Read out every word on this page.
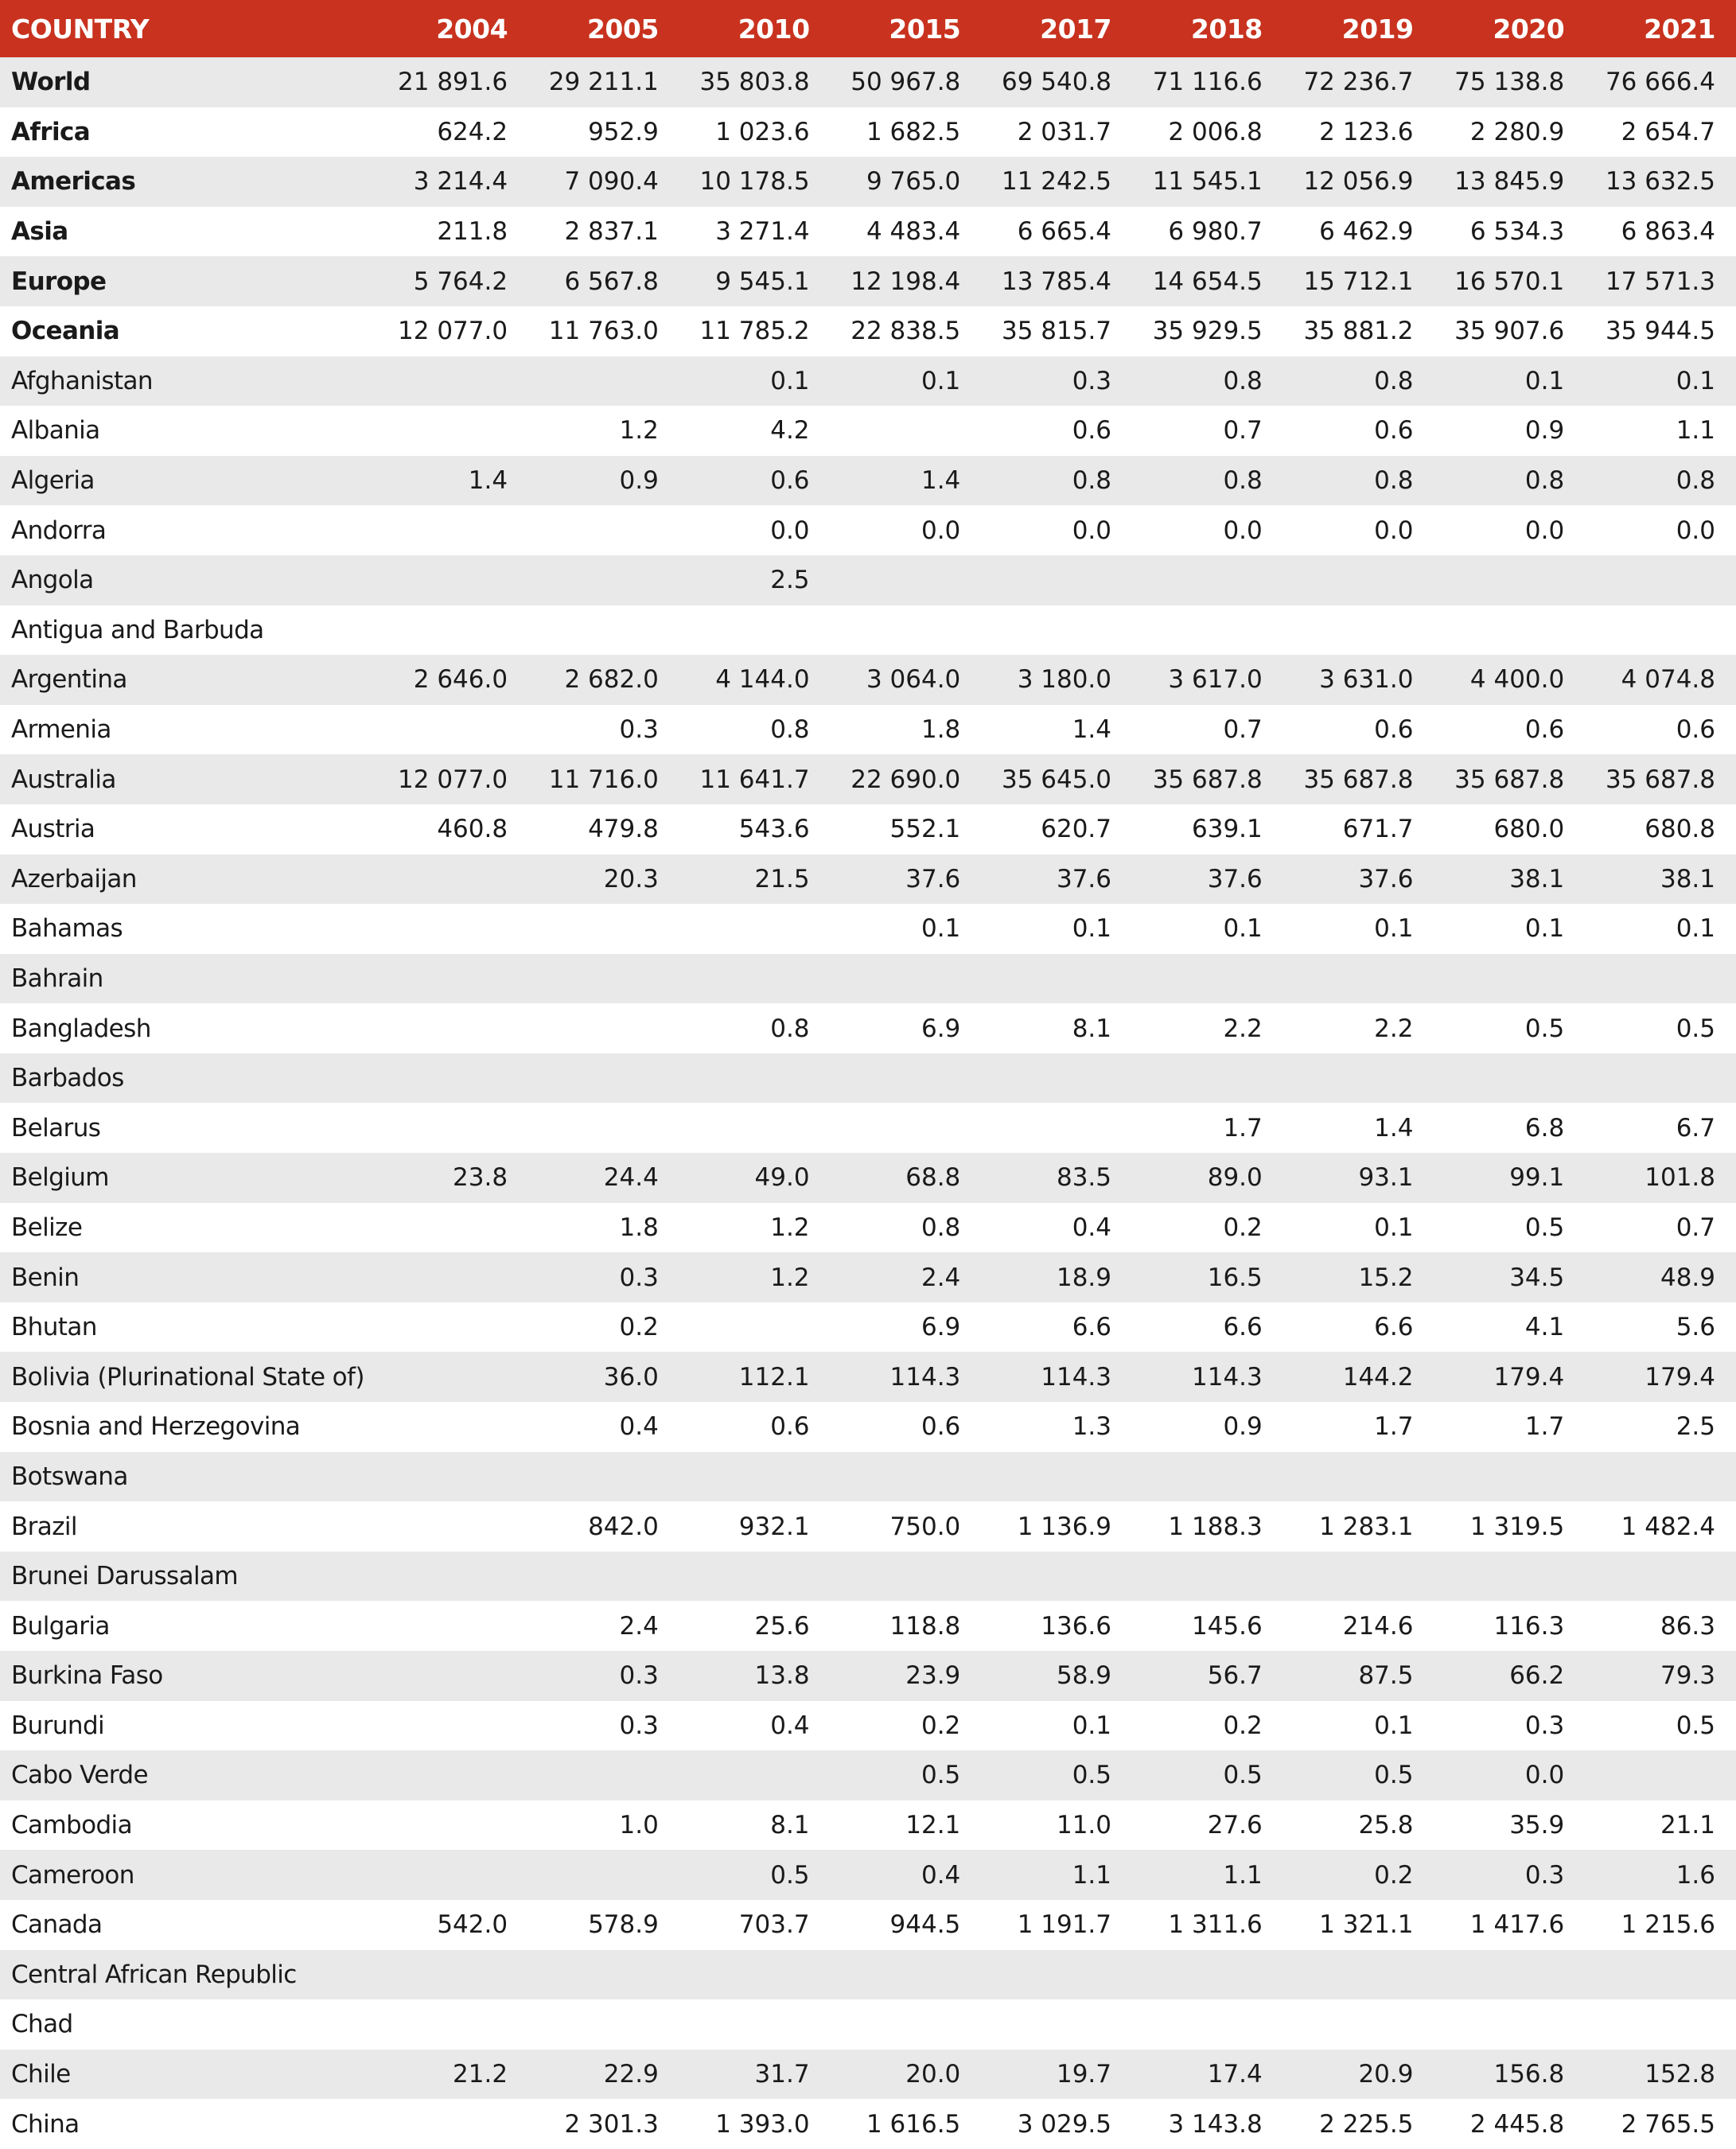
COUNTRY	2004	2005	2010	2015	2017	2018	2019	2020	2021
World	21 891.6	29 211.1	35 803.8	50 967.8	69 540.8	71 116.6	72 236.7	75 138.8	76 666.4
Africa	624.2	952.9	1 023.6	1 682.5	2 031.7	2 006.8	2 123.6	2 280.9	2 654.7
Americas	3 214.4	7 090.4	10 178.5	9 765.0	11 242.5	11 545.1	12 056.9	13 845.9	13 632.5
Asia	211.8	2 837.1	3 271.4	4 483.4	6 665.4	6 980.7	6 462.9	6 534.3	6 863.4
Europe	5 764.2	6 567.8	9 545.1	12 198.4	13 785.4	14 654.5	15 712.1	16 570.1	17 571.3
Oceania	12 077.0	11 763.0	11 785.2	22 838.5	35 815.7	35 929.5	35 881.2	35 907.6	35 944.5
Afghanistan			0.1	0.1	0.3	0.8	0.8	0.1	0.1
Albania		1.2	4.2		0.6	0.7	0.6	0.9	1.1
Algeria	1.4	0.9	0.6	1.4	0.8	0.8	0.8	0.8	0.8
Andorra			0.0	0.0	0.0	0.0	0.0	0.0	0.0
Angola			2.5						
Antigua and Barbuda									
Argentina	2 646.0	2 682.0	4 144.0	3 064.0	3 180.0	3 617.0	3 631.0	4 400.0	4 074.8
Armenia		0.3	0.8	1.8	1.4	0.7	0.6	0.6	0.6
Australia	12 077.0	11 716.0	11 641.7	22 690.0	35 645.0	35 687.8	35 687.8	35 687.8	35 687.8
Austria	460.8	479.8	543.6	552.1	620.7	639.1	671.7	680.0	680.8
Azerbaijan		20.3	21.5	37.6	37.6	37.6	37.6	38.1	38.1
Bahamas				0.1	0.1	0.1	0.1	0.1	0.1
Bahrain									
Bangladesh			0.8	6.9	8.1	2.2	2.2	0.5	0.5
Barbados									
Belarus						1.7	1.4	6.8	6.7
Belgium	23.8	24.4	49.0	68.8	83.5	89.0	93.1	99.1	101.8
Belize		1.8	1.2	0.8	0.4	0.2	0.1	0.5	0.7
Benin		0.3	1.2	2.4	18.9	16.5	15.2	34.5	48.9
Bhutan		0.2		6.9	6.6	6.6	6.6	4.1	5.6
Bolivia (Plurinational State of)		36.0	112.1	114.3	114.3	114.3	144.2	179.4	179.4
Bosnia and Herzegovina		0.4	0.6	0.6	1.3	0.9	1.7	1.7	2.5
Botswana									
Brazil		842.0	932.1	750.0	1 136.9	1 188.3	1 283.1	1 319.5	1 482.4
Brunei Darussalam									
Bulgaria		2.4	25.6	118.8	136.6	145.6	214.6	116.3	86.3
Burkina Faso		0.3	13.8	23.9	58.9	56.7	87.5	66.2	79.3
Burundi		0.3	0.4	0.2	0.1	0.2	0.1	0.3	0.5
Cabo Verde				0.5	0.5	0.5	0.5	0.0	
Cambodia		1.0	8.1	12.1	11.0	27.6	25.8	35.9	21.1
Cameroon			0.5	0.4	1.1	1.1	0.2	0.3	1.6
Canada	542.0	578.9	703.7	944.5	1 191.7	1 311.6	1 321.1	1 417.6	1 215.6
Central African Republic									
Chad									
Chile	21.2	22.9	31.7	20.0	19.7	17.4	20.9	156.8	152.8
China		2 301.3	1 393.0	1 616.5	3 029.5	3 143.8	2 225.5	2 445.8	2 765.5
